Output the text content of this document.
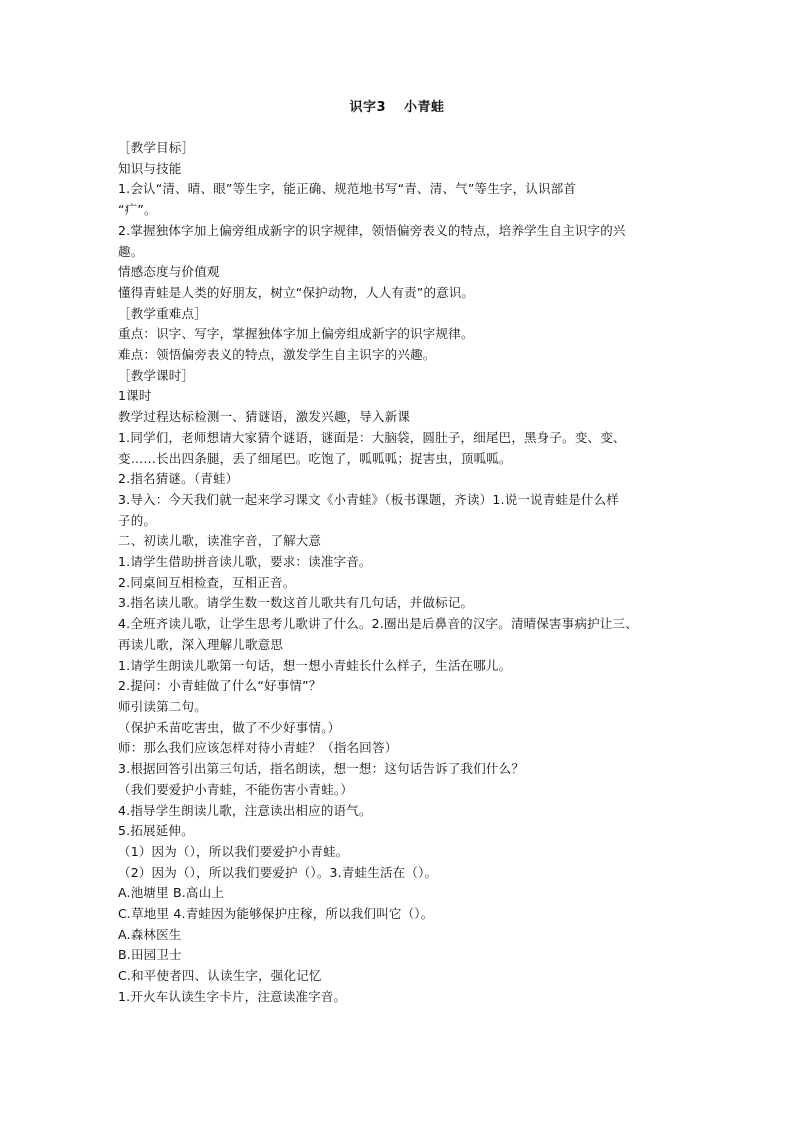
识字3 小青蛙
［教学目标］
知识与技能
1.会认“清、晴、眼”等生字，能正确、规范地书写“青、清、气”等生字，认识部首
“疒”。
2.掌握独体字加上偏旁组成新字的识字规律，领悟偏旁表义的特点，培养学生自主识字的兴
趣。
情感态度与价值观
懂得青蛙是人类的好朋友，树立“保护动物，人人有责”的意识。
［教学重难点］
重点：识字、写字，掌握独体字加上偏旁组成新字的识字规律。
难点：领悟偏旁表义的特点，激发学生自主识字的兴趣。
［教学课时］
1课时
教学过程达标检测一、猜谜语，激发兴趣，导入新课
1.同学们，老师想请大家猜个谜语，谜面是：大脑袋，圆肚子，细尾巴，黑身子。变、变、
变……长出四条腿，丢了细尾巴。吃饱了，呱呱呱；捉害虫，顶呱呱。
2.指名猜谜。（青蛙）
3.导入：今天我们就一起来学习课文《小青蛙》（板书课题，齐读）1.说一说青蛙是什么样
子的。
二、初读儿歌，读准字音，了解大意
1.请学生借助拼音读儿歌，要求：读准字音。
2.同桌间互相检查，互相正音。
3.指名读儿歌。请学生数一数这首儿歌共有几句话，并做标记。
4.全班齐读儿歌，让学生思考儿歌讲了什么。2.圈出是后鼻音的汉字。清晴保害事病护让三、
再读儿歌，深入理解儿歌意思
1.请学生朗读儿歌第一句话，想一想小青蛙长什么样子，生活在哪儿。
2.提问：小青蛙做了什么“好事情”？
师引读第二句。
（保护禾苗吃害虫，做了不少好事情。）
师：那么我们应该怎样对待小青蛙？（指名回答）
3.根据回答引出第三句话，指名朗读，想一想：这句话告诉了我们什么？
（我们要爱护小青蛙，不能伤害小青蛙。）
4.指导学生朗读儿歌，注意读出相应的语气。
5.拓展延伸。
（1）因为（），所以我们要爱护小青蛙。
（2）因为（），所以我们要爱护（）。3.青蛙生活在（）。
A.池塘里 B.高山上
C.草地里 4.青蛙因为能够保护庄稼，所以我们叫它（）。
A.森林医生
B.田园卫士
C.和平使者四、认读生字，强化记忆
1.开火车认读生字卡片，注意读准字音。
